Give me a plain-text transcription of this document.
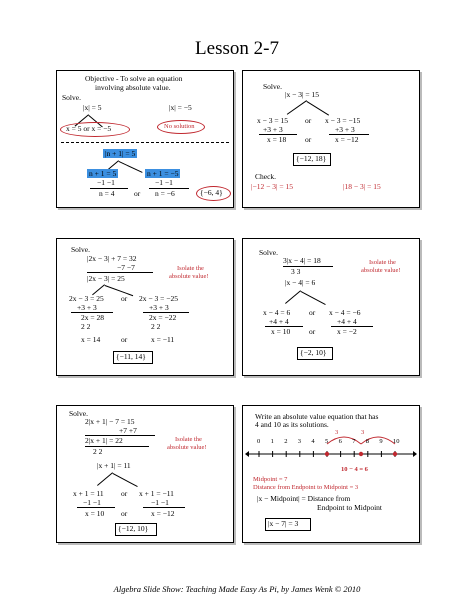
Lesson 2-7
Objective - To solve an equation
involving absolute value.
Solve.
|x| = 5	|x| = −5
x = 5 or x = −5	No solution
|n + 1| = 5
n + 1 = 5
−1 −1
n = 4	or
n + 1 = −5
−1 −1
n = −6	{−6, 4}
Solve.
|x − 3| = 15
x − 3 = 15
+3 + 3
x = 18
or
or
x − 3 = −15
+3 + 3
x = −12
{−12, 18}
Check.
|−12 − 3| = 15	|18 − 3| = 15
Solve.
|2x − 3| + 7 = 32
−7 −7
|2x − 3| = 25
Isolate the
absolute value!
2x − 3 = 25
+3 + 3
2x = 28
2 2
x = 14
or
or
2x − 3 = −25
+3 + 3
2x = −22
2 2
x = −11
{−11, 14}
Solve.
3|x − 4| = 18
3 3
|x − 4| = 6
Isolate the
absolute value!
x − 4 = 6
+4 + 4
x = 10
or
or
x − 4 = −6
+4 + 4
x = −2
{−2, 10}
Solve.
2|x + 1| − 7 = 15
+7 +7
2|x + 1| = 22
2 2
|x + 1| = 11
Isolate the
absolute value!
x + 1 = 11
−1 −1
x = 10
or
or
x + 1 = −11
−1 −1
x = −12
{−12, 10}
Write an absolute value equation that has
4 and 10 as its solutions.
3	3
0 1 2 3 4 5 6 7 8 9 10
10 − 4 = 6
Midpoint = 7
Distance from Endpoint to Midpoint = 3
|x − Midpoint| = Distance from
Endpoint to Midpoint
|x − 7| = 3
Algebra Slide Show: Teaching Made Easy As Pi, by James Wenk © 2010
